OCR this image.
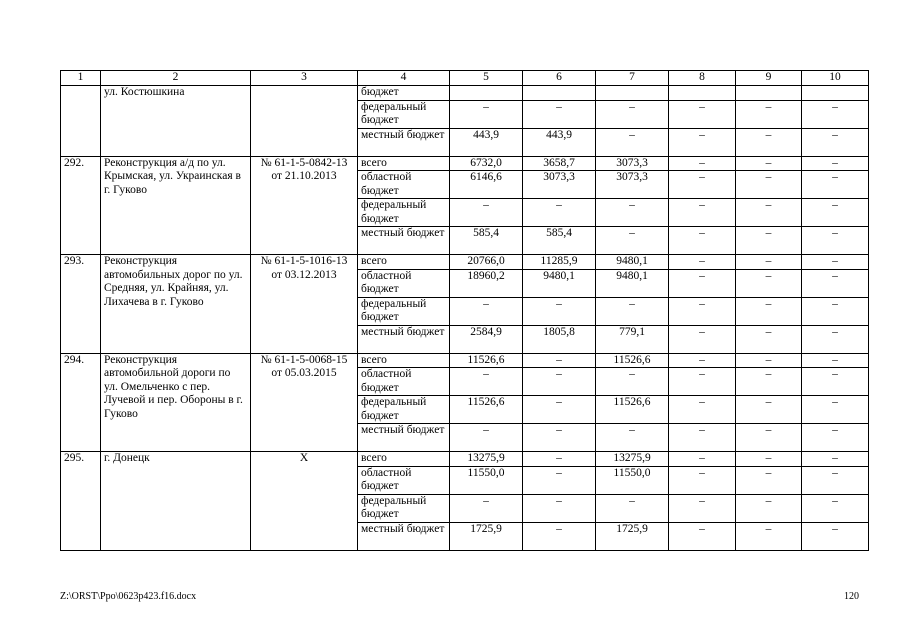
1	2	3	4	5	6	7	8	9	10
	ул. Костюшкина		бюджет						
			федеральный бюджет	–	–	–	–	–	–
			местный бюджет	443,9	443,9	–	–	–	–
292.	Реконструкция а/д по ул. Крымская, ул. Украинская в г. Гуково	№ 61-1-5-0842-13 от 21.10.2013	всего	6732,0	3658,7	3073,3	–	–	–
			областной бюджет	6146,6	3073,3	3073,3	–	–	–
			федеральный бюджет	–	–	–	–	–	–
			местный бюджет	585,4	585,4	–	–	–	–
293.	Реконструкция автомобильных дорог по ул. Средняя, ул. Крайняя, ул. Лихачева в г. Гуково	№ 61-1-5-1016-13 от 03.12.2013	всего	20766,0	11285,9	9480,1	–	–	–
			областной бюджет	18960,2	9480,1	9480,1	–	–	–
			федеральный бюджет	–	–	–	–	–	–
			местный бюджет	2584,9	1805,8	779,1	–	–	–
294.	Реконструкция автомобильной дороги по ул. Омельченко с пер. Лучевой и пер. Обороны в г. Гуково	№ 61-1-5-0068-15 от 05.03.2015	всего	11526,6	–	11526,6	–	–	–
			областной бюджет	–	–	–	–	–	–
			федеральный бюджет	11526,6	–	11526,6	–	–	–
			местный бюджет	–	–	–	–	–	–
295.	г. Донецк	Х	всего	13275,9	–	13275,9	–	–	–
			областной бюджет	11550,0	–	11550,0	–	–	–
			федеральный бюджет	–	–	–	–	–	–
			местный бюджет	1725,9	–	1725,9	–	–	–
Z:\ORST\Ppo\0623p423.f16.docx	120
